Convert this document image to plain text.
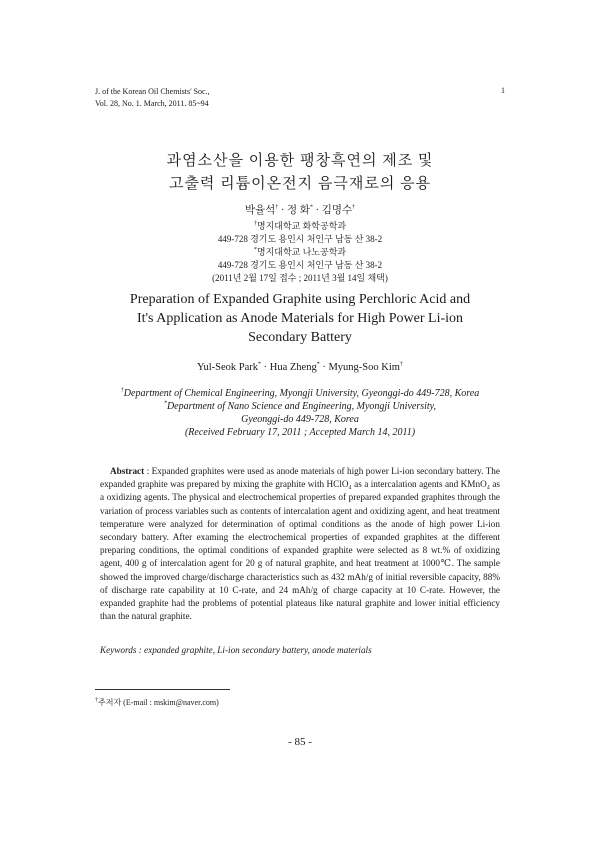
J. of the Korean Oil Chemists' Soc.,
Vol. 28, No. 1. March, 2011. 85~94
1
과염소산을 이용한 팽창흑연의 제조 및
고출력 리튬이온전지 음극재로의 응용
박율석† · 정 화* · 김명수†
†명지대학교 화학공학과
449-728 경기도 용인시 처인구 남동 산 38-2
*명지대학교 나노공학과
449-728 경기도 용인시 처인구 남동 산 38-2
(2011년 2월 17일 접수 ; 2011년 3월 14일 채택)
Preparation of Expanded Graphite using Perchloric Acid and
It's Application as Anode Materials for High Power Li-ion
Secondary Battery
Yul-Seok Park* · Hua Zheng* · Myung-Soo Kim†
†Department of Chemical Engineering, Myongji University, Gyeonggi-do 449-728, Korea
*Department of Nano Science and Engineering, Myongji University,
Gyeonggi-do 449-728, Korea
(Received February 17, 2011 ; Accepted March 14, 2011)
Abstract : Expanded graphites were used as anode materials of high power Li-ion secondary battery. The expanded graphite was prepared by mixing the graphite with HClO₄ as a intercalation agents and KMnO₄ as a oxidizing agents. The physical and electrochemical properties of prepared expanded graphites through the variation of process variables such as contents of intercalation agent and oxidizing agent, and heat treatment temperature were analyzed for determination of optimal conditions as the anode of high power Li-ion secondary battery. After examing the electrochemical properties of expanded graphites at the different preparing conditions, the optimal conditions of expanded graphite were selected as 8 wt.% of oxidizing agent, 400 g of intercalation agent for 20 g of natural graphite, and heat treatment at 1000℃. The sample showed the improved charge/discharge characteristics such as 432 mAh/g of initial reversible capacity, 88% of discharge rate capability at 10 C-rate, and 24 mAh/g of charge capacity at 10 C-rate. However, the expanded graphite had the problems of potential plateaus like natural graphite and lower initial efficiency than the natural graphite.
Keywords : expanded graphite, Li-ion secondary battery, anode materials
†주저자 (E-mail : mskim@naver.com)
- 85 -
